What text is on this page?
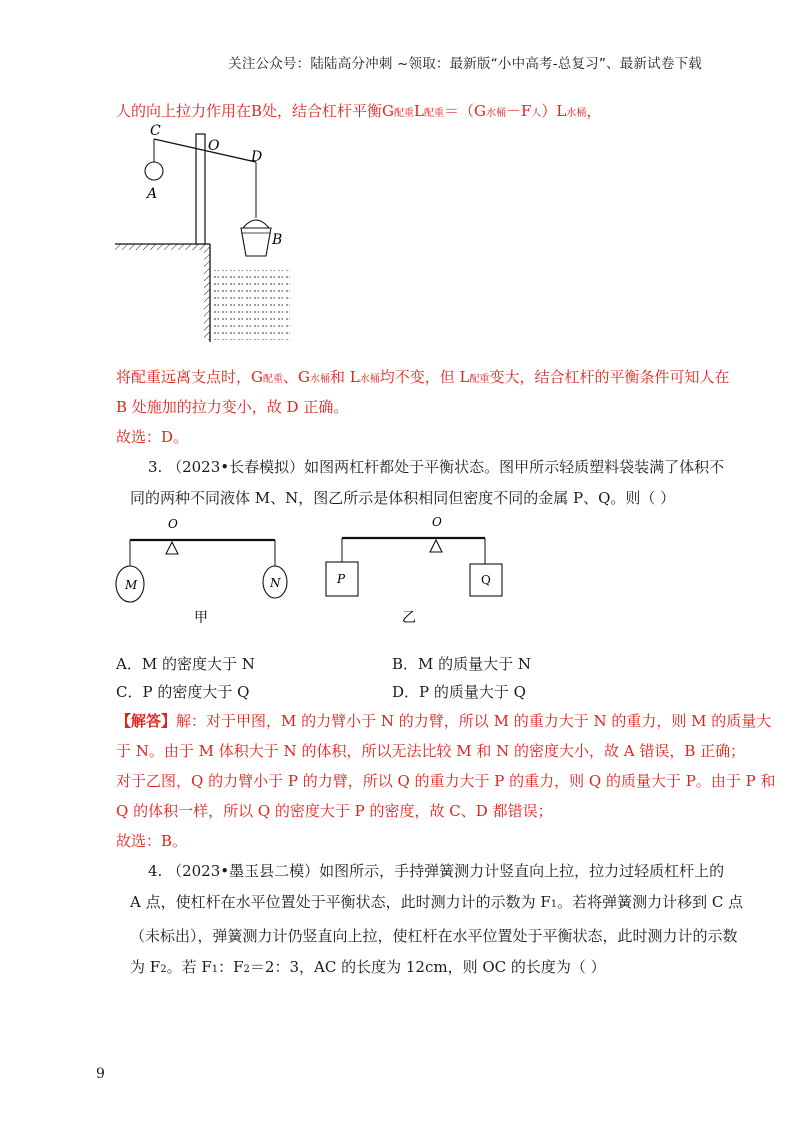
关注公众号：陆陆高分冲刺 ~领取：最新版“小中高考-总复习”、最新试卷下载
人的向上拉力作用在B处，结合杠杆平衡G配重L配重＝（G水桶－F人）L水桶，
C
O
D
A
B
将配重远离支点时，G配重、G水桶和 L水桶均不变，但 L配重变大，结合杠杆的平衡条件可知人在
B 处施加的拉力变小，故 D 正确。
故选：D。
3. （2023•长春模拟）如图两杠杆都处于平衡状态。图甲所示轻质塑料袋装满了体积不
同的两种不同液体 M、N，图乙所示是体积相同但密度不同的金属 P、Q。则（ ）
O
M	N
甲
O
P	Q
乙
A．M 的密度大于 N	B．M 的质量大于 N
C．P 的密度大于 Q	D．P 的质量大于 Q
【解答】解：对于甲图，M 的力臂小于 N 的力臂，所以 M 的重力大于 N 的重力，则 M 的质量大
于 N。由于 M 体积大于 N 的体积，所以无法比较 M 和 N 的密度大小，故 A 错误，B 正确；
对于乙图，Q 的力臂小于 P 的力臂，所以 Q 的重力大于 P 的重力，则 Q 的质量大于 P。由于 P 和
Q 的体积一样，所以 Q 的密度大于 P 的密度，故 C、D 都错误；
故选：B。
4. （2023•墨玉县二模）如图所示，手持弹簧测力计竖直向上拉，拉力过轻质杠杆上的
A 点，使杠杆在水平位置处于平衡状态，此时测力计的示数为 F1。若将弹簧测力计移到 C 点
（未标出），弹簧测力计仍竖直向上拉，使杠杆在水平位置处于平衡状态，此时测力计的示数
为 F2。若 F1：F2＝2：3，AC 的长度为 12cm，则 OC 的长度为（ ）
9
